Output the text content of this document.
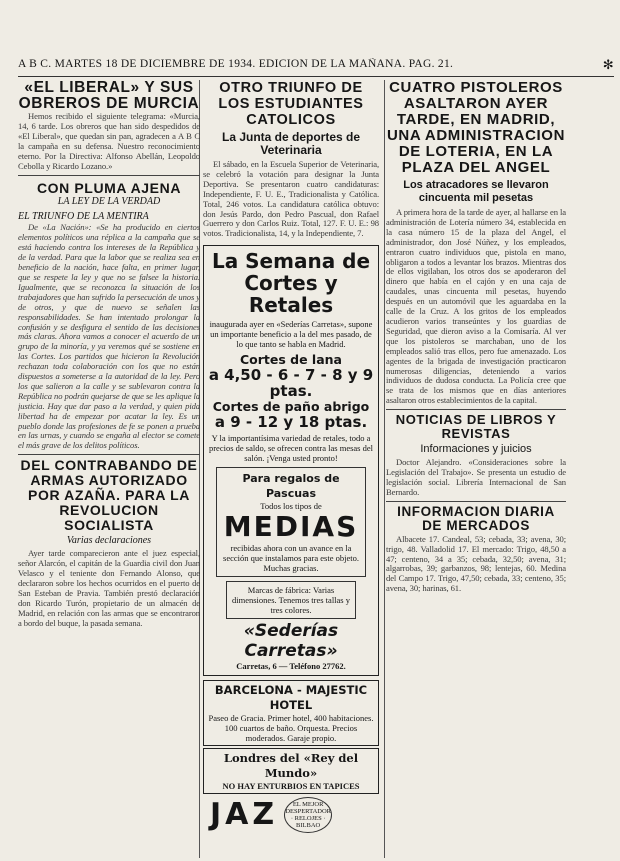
A B C. MARTES 18 DE DICIEMBRE DE 1934. EDICION DE LA MAÑANA. PAG. 21.	✻
«EL LIBERAL» Y SUS OBREROS DE MURCIA

Hemos recibido el siguiente telegrama: «Murcia, 14, 6 tarde. Los obreros que han sido despedidos de «El Liberal», que quedan sin pan, agradecen a A B C la campaña en su defensa. Nuestro reconocimiento eterno. Por la Directiva: Alfonso Abellán, Leopoldo Cebolla y Ricardo Lozano.»

CON PLUMA AJENA
LA LEY DE LA VERDAD
EL TRIUNFO DE LA MENTIRA

De «La Nación»: «Se ha producido en ciertos elementos políticos una réplica a la campaña que se está haciendo contra los intereses de la República y de la verdad. Para que la labor que se realiza sea en beneficio de la nación, hace falta, en primer lugar, que se respete la ley y que no se falsee la historia. Igualmente, que se reconozca la situación de los trabajadores que han sufrido la persecución de unos y de otros, y que de nuevo se señalen las responsabilidades. Se han intentado prolongar la confusión y se desfigura el sentido de las decisiones más claras. Ahora vamos a conocer el acuerdo de un grupo de la minoría, y ya veremos qué se sostiene en las Cortes. Los partidos que hicieron la Revolución rechazan toda colaboración con los que no están dispuestos a someterse a la autoridad de la ley. Pero los que salieron a la calle y se sublevaron contra la República no podrán quejarse de que se les aplique la justicia. Hay que dar paso a la verdad, y quien pida libertad ha de empezar por acatar la ley. Es un pueblo donde las profesiones de fe se ponen a prueba en las urnas, y cuando se engaña al elector se comete el más grave de los delitos políticos.

DEL CONTRABANDO DE ARMAS AUTORIZADO POR AZAÑA. PARA LA REVOLUCION SOCIALISTA
Varias declaraciones

Ayer tarde comparecieron ante el juez especial, señor Alarcón, el capitán de la Guardia civil don Juan Velasco y el teniente don Fernando Alonso, que declararon sobre los hechos ocurridos en el puerto de San Esteban de Pravia. También prestó declaración don Ricardo Turón, propietario de un almacén de Madrid, en relación con las armas que se encontraron a bordo del buque, la pasada semana.

OTRO TRIUNFO DE LOS ESTUDIANTES CATOLICOS
La Junta de deportes de Veterinaria

El sábado, en la Escuela Superior de Veterinaria, se celebró la votación para designar la Junta Deportiva. Se presentaron cuatro candidaturas: Independiente, F. U. E., Tradicionalista y Católica. Total, 246 votos. La candidatura católica obtuvo: don Jesús Pardo, don Pedro Pascual, don Rafael Guerrero y don Carlos Ruiz. Total, 127. F. U. E.: 98 votos. Tradicionalista, 14, y la Independiente, 7.

La Semana de
Cortes y Retales
inaugurada ayer en «Sederías Carretas», supone un importante beneficio a la del mes pasado, de lo que tanto se habla en Madrid.
Cortes de lana
a 4,50 - 6 - 7 - 8 y 9 ptas.
Cortes de paño abrigo
a 9 - 12 y 18 ptas.
Y la importantísima variedad de retales, todo a precios de saldo, se ofrecen contra las mesas del salón. ¡Venga usted pronto!
Para regalos de Pascuas
Todos los tipos de
MEDIAS
recibidas ahora con un avance en la sección que instalamos para este objeto.
Muchas gracias.
Marcas de fábrica: Varias dimensiones. Tenemos tres tallas y tres colores.
«Sederías Carretas»
Carretas, 6 — Teléfono 27762.
BARCELONA - MAJESTIC HOTEL
Paseo de Gracia. Primer hotel, 400 habitaciones. 100 cuartos de baño. Orquesta. Precios moderados. Garaje propio.
Londres del «Rey del Mundo»
NO HAY ENTURBIOS EN TAPICES
JAZ	EL MEJOR DESPERTADOR · RELOJES · BILBAO
CUATRO PISTOLEROS ASALTARON AYER TARDE, EN MADRID, UNA ADMINISTRACION DE LOTERIA, EN LA PLAZA DEL ANGEL
Los atracadores se llevaron cincuenta mil pesetas

A primera hora de la tarde de ayer, al hallarse en la administración de Lotería número 34, establecida en la casa número 15 de la plaza del Angel, el administrador, don José Núñez, y los empleados, entraron cuatro individuos que, pistola en mano, obligaron a todos a levantar los brazos. Mientras dos de ellos vigilaban, los otros dos se apoderaron del dinero que había en el cajón y en una caja de caudales, unas cincuenta mil pesetas, huyendo después en un automóvil que les aguardaba en la calle de la Cruz. A los gritos de los empleados acudieron varios transeúntes y los guardias de Seguridad, que dieron aviso a la Comisaría. Al ver que los pistoleros se marchaban, uno de los empleados salió tras ellos, pero fue amenazado. Los agentes de la brigada de investigación practicaron numerosas diligencias, deteniendo a varios individuos de dudosa conducta. La Policía cree que se trata de los mismos que en días anteriores asaltaron otros establecimientos de la capital.

NOTICIAS DE LIBROS Y REVISTAS
Informaciones y juicios

Doctor Alejandro. «Consideraciones sobre la Legislación del Trabajo». Se presenta un estudio de legislación social. Librería Internacional de San Bernardo.

INFORMACION DIARIA DE MERCADOS

Albacete 17. Candeal, 53; cebada, 33; avena, 30; trigo, 48. Valladolid 17. El mercado: Trigo, 48,50 a 47; centeno, 34 a 35; cebada, 32,50; avena, 31; algarrobas, 39; garbanzos, 98; lentejas, 60. Medina del Campo 17. Trigo, 47,50; cebada, 33; centeno, 35; avena, 30; harinas, 61.
